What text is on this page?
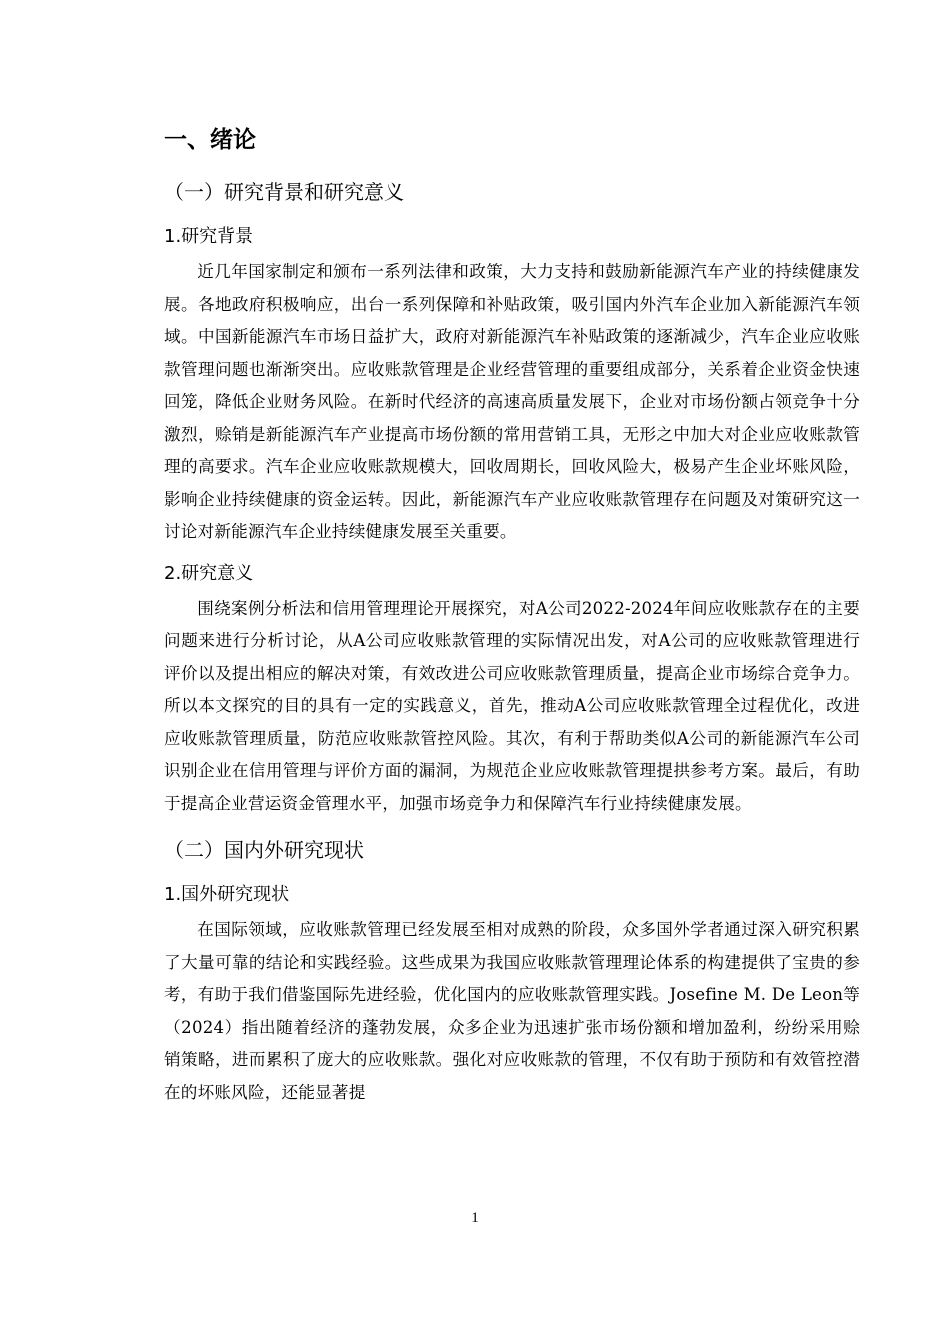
一、绪论
（一）研究背景和研究意义
1.研究背景

近几年国家制定和颁布一系列法律和政策，大力支持和鼓励新能源汽车产业的持续健康发展。各地政府积极响应，出台一系列保障和补贴政策，吸引国内外汽车企业加入新能源汽车领域。中国新能源汽车市场日益扩大，政府对新能源汽车补贴政策的逐渐减少，汽车企业应收账款管理问题也渐渐突出。应收账款管理是企业经营管理的重要组成部分，关系着企业资金快速回笼，降低企业财务风险。在新时代经济的高速高质量发展下，企业对市场份额占领竞争十分激烈，赊销是新能源汽车产业提高市场份额的常用营销工具，无形之中加大对企业应收账款管理的高要求。汽车企业应收账款规模大，回收周期长，回收风险大，极易产生企业坏账风险，影响企业持续健康的资金运转。因此，新能源汽车产业应收账款管理存在问题及对策研究这一讨论对新能源汽车企业持续健康发展至关重要。

2.研究意义

围绕案例分析法和信用管理理论开展探究，对A公司2022-2024年间应收账款存在的主要问题来进行分析讨论，从A公司应收账款管理的实际情况出发，对A公司的应收账款管理进行评价以及提出相应的解决对策，有效改进公司应收账款管理质量，提高企业市场综合竞争力。所以本文探究的目的具有一定的实践意义，首先，推动A公司应收账款管理全过程优化，改进应收账款管理质量，防范应收账款管控风险。其次，有利于帮助类似A公司的新能源汽车公司识别企业在信用管理与评价方面的漏洞，为规范企业应收账款管理提拱参考方案。最后，有助于提高企业营运资金管理水平，加强市场竞争力和保障汽车行业持续健康发展。

（二）国内外研究现状
1.国外研究现状

在国际领域，应收账款管理已经发展至相对成熟的阶段，众多国外学者通过深入研究积累了大量可靠的结论和实践经验。这些成果为我国应收账款管理理论体系的构建提供了宝贵的参考，有助于我们借鉴国际先进经验，优化国内的应收账款管理实践。Josefine M. De Leon等（2024）指出随着经济的蓬勃发展，众多企业为迅速扩张市场份额和增加盈利，纷纷采用赊销策略，进而累积了庞大的应收账款。强化对应收账款的管理，不仅有助于预防和有效管控潜在的坏账风险，还能显著提

1
